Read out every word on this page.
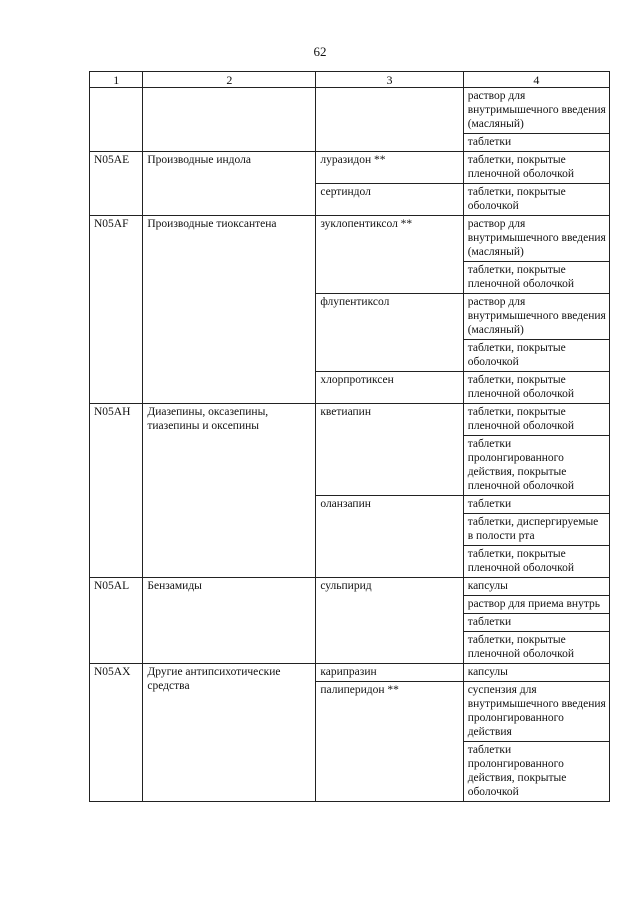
62
1	2	3	4
			раствор для внутримышечного введения (масляный)
			таблетки
N05AE	Производные индола	луразидон **	таблетки, покрытые пленочной оболочкой
		сертиндол	таблетки, покрытые оболочкой
N05AF	Производные тиоксантена	зуклопентиксол **	раствор для внутримышечного введения (масляный)
			таблетки, покрытые пленочной оболочкой
		флупентиксол	раствор для внутримышечного введения (масляный)
			таблетки, покрытые оболочкой
		хлорпротиксен	таблетки, покрытые пленочной оболочкой
N05AH	Диазепины, оксазепины, тиазепины и оксепины	кветиапин	таблетки, покрытые пленочной оболочкой
			таблетки пролонгированного действия, покрытые пленочной оболочкой
		оланзапин	таблетки
			таблетки, диспергируемые в полости рта
			таблетки, покрытые пленочной оболочкой
N05AL	Бензамиды	сульпирид	капсулы
			раствор для приема внутрь
			таблетки
			таблетки, покрытые пленочной оболочкой
N05AX	Другие антипсихотические средства	карипразин	капсулы
		палиперидон **	суспензия для внутримышечного введения пролонгированного действия
			таблетки пролонгированного действия, покрытые оболочкой
